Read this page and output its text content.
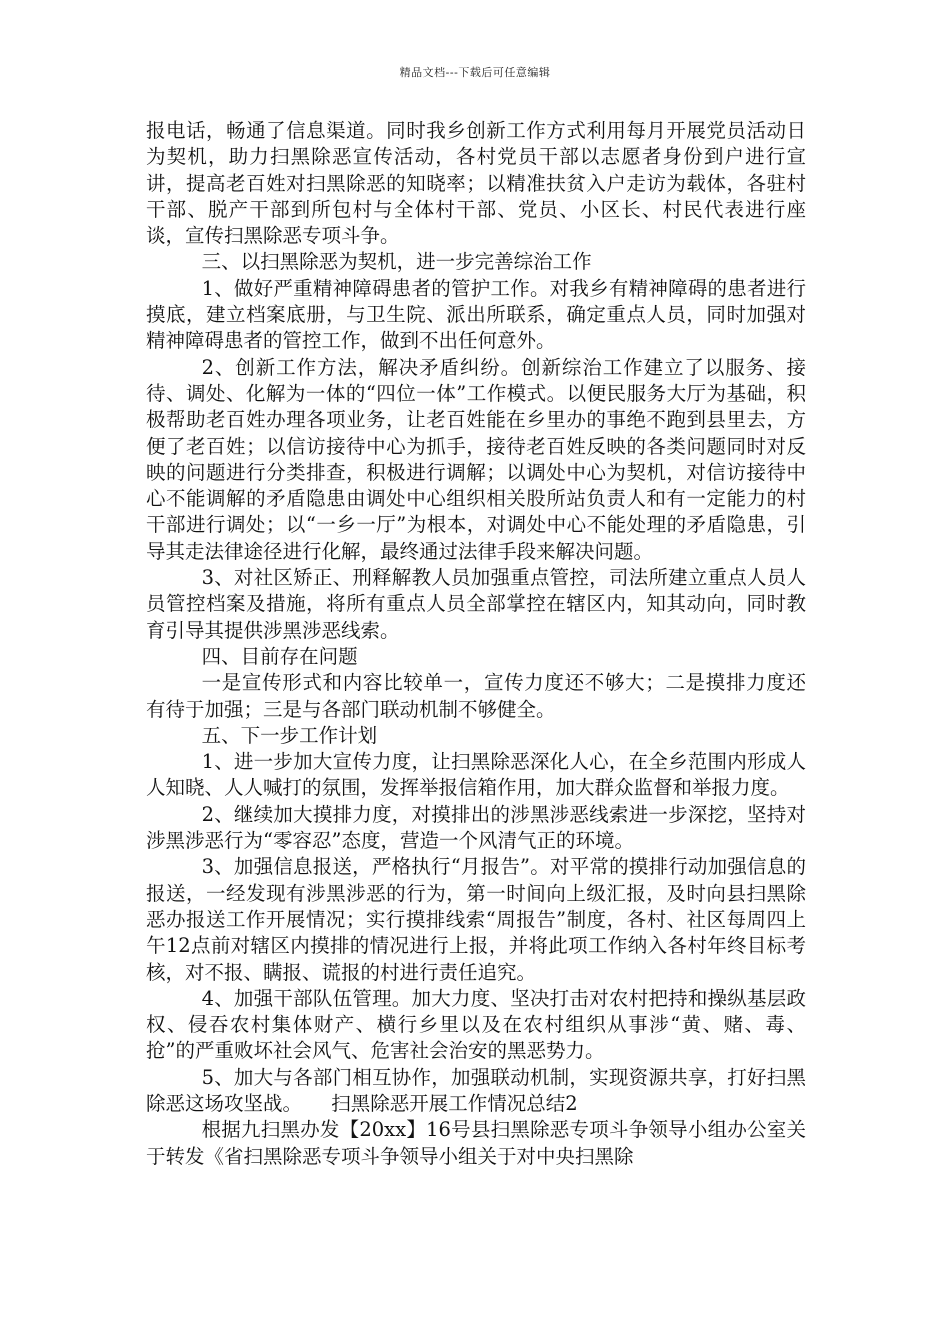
精品文档---下载后可任意编辑

报电话，畅通了信息渠道。同时我乡创新工作方式利用每月开展党员活动日为契机，助力扫黑除恶宣传活动，各村党员干部以志愿者身份到户进行宣讲，提高老百姓对扫黑除恶的知晓率；以精准扶贫入户走访为载体，各驻村干部、脱产干部到所包村与全体村干部、党员、小区长、村民代表进行座谈，宣传扫黑除恶专项斗争。

三、以扫黑除恶为契机，进一步完善综治工作

1、做好严重精神障碍患者的管护工作。对我乡有精神障碍的患者进行摸底，建立档案底册，与卫生院、派出所联系，确定重点人员，同时加强对精神障碍患者的管控工作，做到不出任何意外。

2、创新工作方法，解决矛盾纠纷。创新综治工作建立了以服务、接待、调处、化解为一体的“四位一体”工作模式。以便民服务大厅为基础，积极帮助老百姓办理各项业务，让老百姓能在乡里办的事绝不跑到县里去，方便了老百姓；以信访接待中心为抓手，接待老百姓反映的各类问题同时对反映的问题进行分类排查，积极进行调解；以调处中心为契机，对信访接待中心不能调解的矛盾隐患由调处中心组织相关股所站负责人和有一定能力的村干部进行调处；以“一乡一厅”为根本，对调处中心不能处理的矛盾隐患，引导其走法律途径进行化解，最终通过法律手段来解决问题。

3、对社区矫正、刑释解教人员加强重点管控，司法所建立重点人员人员管控档案及措施，将所有重点人员全部掌控在辖区内，知其动向，同时教育引导其提供涉黑涉恶线索。

四、目前存在问题

一是宣传形式和内容比较单一，宣传力度还不够大；二是摸排力度还有待于加强；三是与各部门联动机制不够健全。

五、下一步工作计划

1、进一步加大宣传力度，让扫黑除恶深化人心，在全乡范围内形成人人知晓、人人喊打的氛围，发挥举报信箱作用，加大群众监督和举报力度。

2、继续加大摸排力度，对摸排出的涉黑涉恶线索进一步深挖，坚持对涉黑涉恶行为“零容忍”态度，营造一个风清气正的环境。

3、加强信息报送，严格执行“月报告”。对平常的摸排行动加强信息的报送，一经发现有涉黑涉恶的行为，第一时间向上级汇报，及时向县扫黑除恶办报送工作开展情况；实行摸排线索“周报告”制度，各村、社区每周四上午12点前对辖区内摸排的情况进行上报，并将此项工作纳入各村年终目标考核，对不报、瞒报、谎报的村进行责任追究。

4、加强干部队伍管理。加大力度、坚决打击对农村把持和操纵基层政权、侵吞农村集体财产、横行乡里以及在农村组织从事涉“黄、赌、毒、抢”的严重败坏社会风气、危害社会治安的黑恶势力。

5、加大与各部门相互协作，加强联动机制，实现资源共享，打好扫黑除恶这场攻坚战。　　扫黑除恶开展工作情况总结2

根据九扫黑办发【20xx】16号县扫黑除恶专项斗争领导小组办公室关于转发《省扫黑除恶专项斗争领导小组关于对中央扫黑除
